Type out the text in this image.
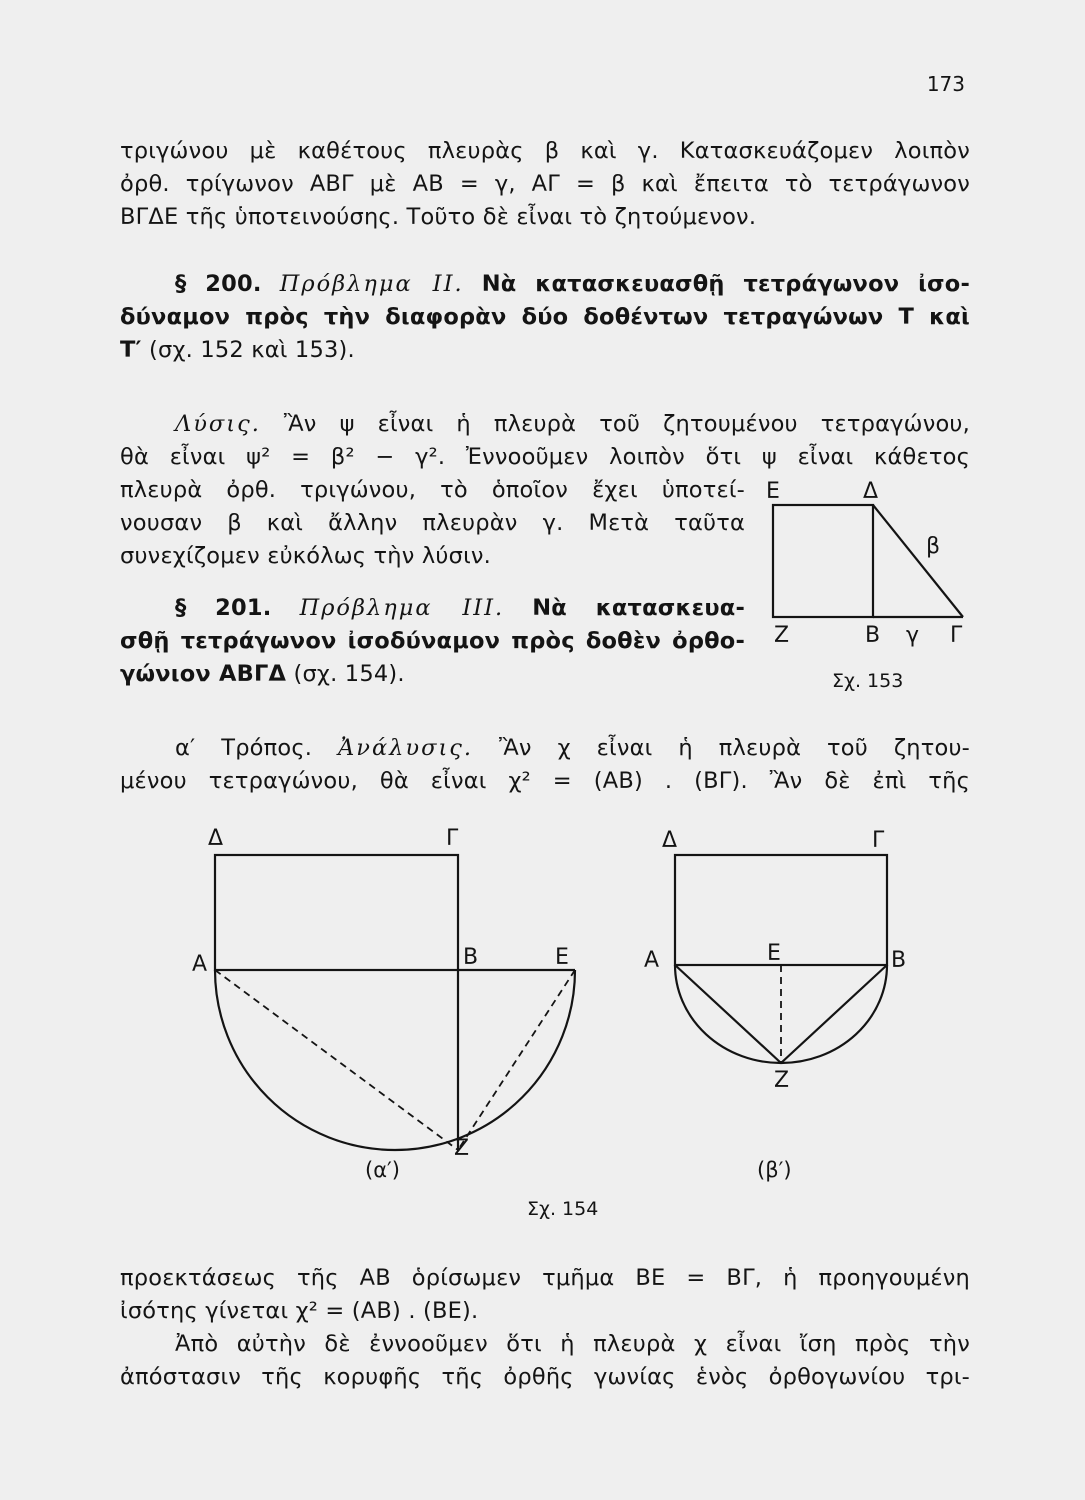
173
τριγώνου μὲ καθέτους πλευρὰς β καὶ γ. Κατασκευάζομεν λοιπὸν
ὀρθ. τρίγωνον ΑΒΓ μὲ ΑΒ = γ, ΑΓ = β καὶ ἔπειτα τὸ τετράγωνον
ΒΓΔΕ τῆς ὑποτεινούσης. Τοῦτο δὲ εἶναι τὸ ζητούμενον.
§ 200. Πρόβλημα ΙΙ. Νὰ κατασκευασθῇ τετράγωνον ἰσο-
δύναμον πρὸς τὴν διαφορὰν δύο δοθέντων τετραγώνων Τ καὶ
Τ′ (σχ. 152 καὶ 153).
Λύσις. Ἂν ψ εἶναι ἡ πλευρὰ τοῦ ζητουμένου τετραγώνου,
θὰ εἶναι ψ² = β² − γ². Ἐννοοῦμεν λοιπὸν ὅτι ψ εἶναι κάθετος
πλευρὰ ὀρθ. τριγώνου, τὸ ὁποῖον ἔχει ὑποτεί-
νουσαν β καὶ ἄλλην πλευρὰν γ. Μετὰ ταῦτα
συνεχίζομεν εὐκόλως τὴν λύσιν.
§ 201. Πρόβλημα ΙΙΙ. Νὰ κατασκευα-
σθῇ τετράγωνον ἰσοδύναμον πρὸς δοθὲν ὀρθο-
γώνιον ΑΒΓΔ (σχ. 154).
α′ Τρόπος. Ἀνάλυσις. Ἂν χ εἶναι ἡ πλευρὰ τοῦ ζητου-
μένου τετραγώνου, θὰ εἶναι χ² = (ΑΒ) . (ΒΓ). Ἂν δὲ ἐπὶ τῆς
Ε	Δ
β
Ζ	Β γ Γ
Σχ. 153
Δ	Γ
Α	Β	Ε
Ζ
(α′)
Δ	Γ
Α	Ε	Β
Ζ
(β′)
Σχ. 154
προεκτάσεως τῆς ΑΒ ὁρίσωμεν τμῆμα ΒΕ = ΒΓ, ἡ προηγουμένη
ἰσότης γίνεται χ² = (ΑΒ) . (ΒΕ).
Ἀπὸ αὐτὴν δὲ ἐννοοῦμεν ὅτι ἡ πλευρὰ χ εἶναι ἴση πρὸς τὴν
ἀπόστασιν τῆς κορυφῆς τῆς ὀρθῆς γωνίας ἑνὸς ὀρθογωνίου τρι-
